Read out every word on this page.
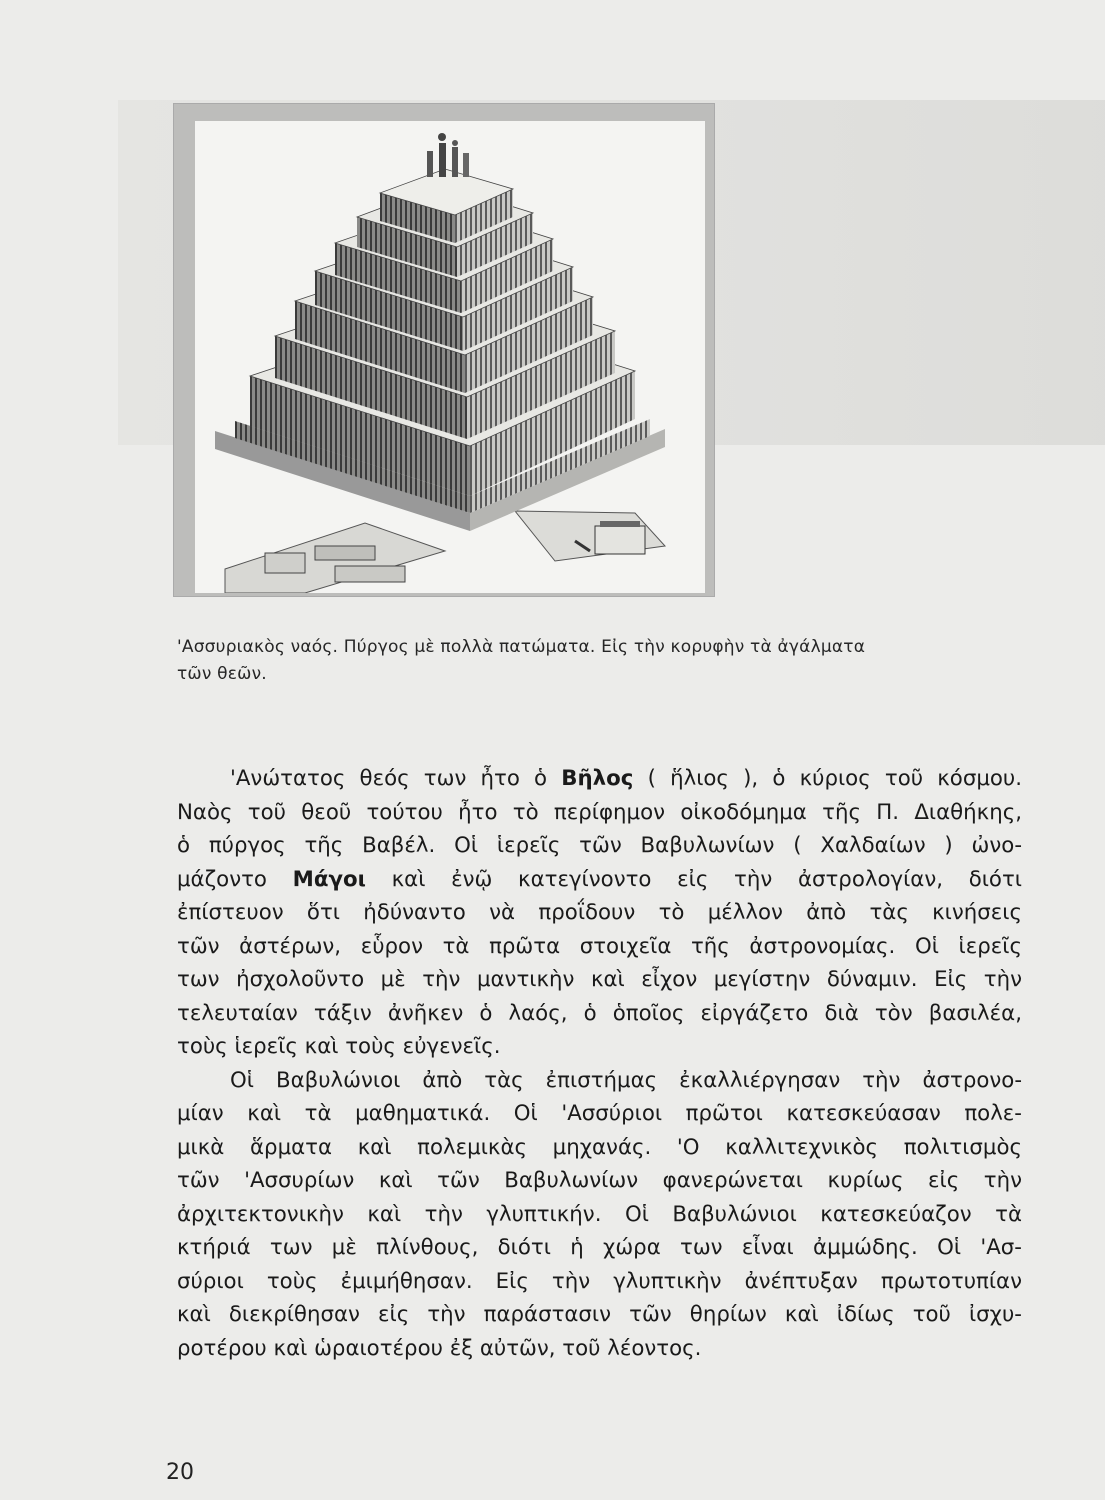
'Ασσυριακὸς ναός. Πύργος μὲ πολλὰ πατώματα. Εἰς τὴν κορυφὴν τὰ ἀγάλματα
τῶν θεῶν.
'Ανώτατος θεός των ἦτο ὁ Βῆλος ( ἥλιος ), ὁ κύριος τοῦ κόσμου.
Ναὸς τοῦ θεοῦ τούτου ἦτο τὸ περίφημον οἰκοδόμημα τῆς Π. Διαθήκης,
ὁ πύργος τῆς Βαβέλ. Οἱ ἱερεῖς τῶν Βαβυλωνίων ( Χαλδαίων ) ὠνο-
μάζοντο Μάγοι καὶ ἐνῷ κατεγίνοντο εἰς τὴν ἀστρολογίαν, διότι
ἐπίστευον ὅτι ἠδύναντο νὰ προΐδουν τὸ μέλλον ἀπὸ τὰς κινήσεις
τῶν ἀστέρων, εὗρον τὰ πρῶτα στοιχεῖα τῆς ἀστρονομίας. Οἱ ἱερεῖς
των ἠσχολοῦντο μὲ τὴν μαντικὴν καὶ εἶχον μεγίστην δύναμιν. Εἰς τὴν
τελευταίαν τάξιν ἀνῆκεν ὁ λαός, ὁ ὁποῖος εἰργάζετο διὰ τὸν βασιλέα,
τοὺς ἱερεῖς καὶ τοὺς εὐγενεῖς.
Οἱ Βαβυλώνιοι ἀπὸ τὰς ἐπιστήμας ἐκαλλιέργησαν τὴν ἀστρονο-
μίαν καὶ τὰ μαθηματικά. Οἱ 'Ασσύριοι πρῶτοι κατεσκεύασαν πολε-
μικὰ ἅρματα καὶ πολεμικὰς μηχανάς. 'Ο καλλιτεχνικὸς πολιτισμὸς
τῶν 'Ασσυρίων καὶ τῶν Βαβυλωνίων φανερώνεται κυρίως εἰς τὴν
ἀρχιτεκτονικὴν καὶ τὴν γλυπτικήν. Οἱ Βαβυλώνιοι κατεσκεύαζον τὰ
κτήριά των μὲ πλίνθους, διότι ἡ χώρα των εἶναι ἀμμώδης. Οἱ 'Ασ-
σύριοι τοὺς ἐμιμήθησαν. Εἰς τὴν γλυπτικὴν ἀνέπτυξαν πρωτοτυπίαν
καὶ διεκρίθησαν εἰς τὴν παράστασιν τῶν θηρίων καὶ ἰδίως τοῦ ἰσχυ-
ροτέρου καὶ ὡραιοτέρου ἐξ αὐτῶν, τοῦ λέοντος.
20
